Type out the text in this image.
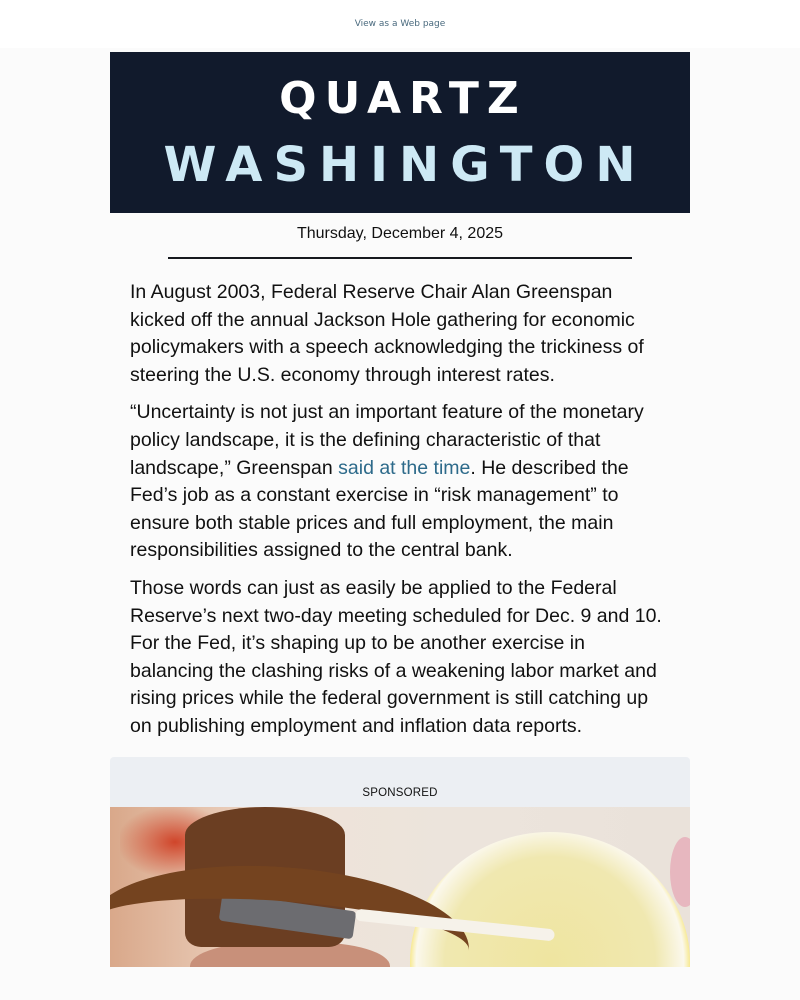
View as a Web page
QUARTZ
WASHINGTON
Thursday, December 4, 2025

In August 2003, Federal Reserve Chair Alan Greenspan kicked off the annual Jackson Hole gathering for economic policymakers with a speech acknowledging the trickiness of steering the U.S. economy through interest rates.

“Uncertainty is not just an important feature of the monetary policy landscape, it is the defining characteristic of that landscape,” Greenspan said at the time. He described the Fed’s job as a constant exercise in “risk management” to ensure both stable prices and full employment, the main responsibilities assigned to the central bank.

Those words can just as easily be applied to the Federal Reserve’s next two-day meeting scheduled for Dec. 9 and 10. For the Fed, it’s shaping up to be another exercise in balancing the clashing risks of a weakening labor market and rising prices while the federal government is still catching up on publishing employment and inflation data reports.

SPONSORED
